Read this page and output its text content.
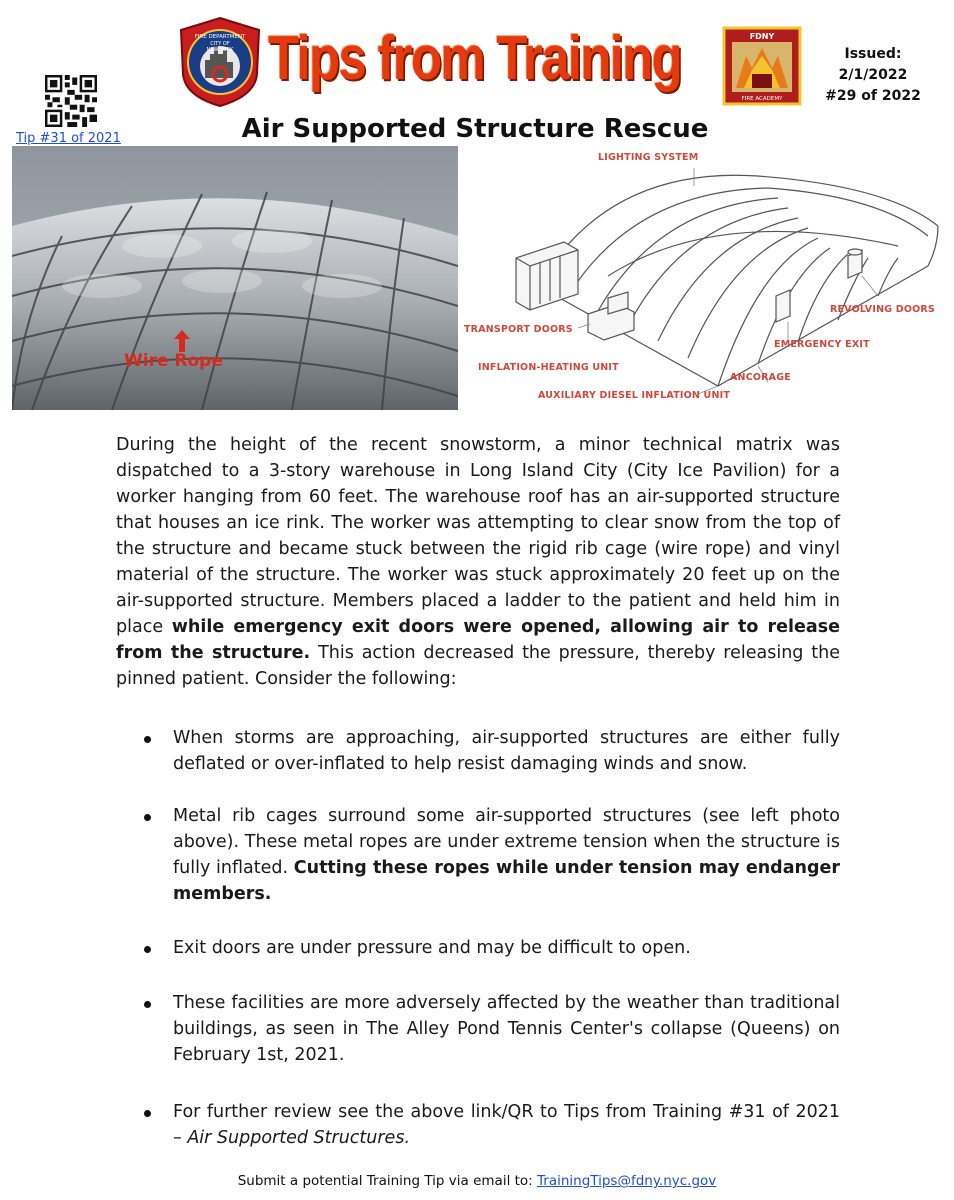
Tip #31 of 2021
FIRE DEPARTMENT
CITY OF
NEW YORK Tips from Training	FDNY
FIRE ACADEMY
Issued: 2/1/2022
#29 of 2022
Air Supported Structure Rescue
Wire Rope
LIGHTING SYSTEM
REVOLVING DOORS
TRANSPORT DOORS
EMERGENCY EXIT
INFLATION-HEATING UNIT
ANCORAGE
AUXILIARY DIESEL INFLATION UNIT
During the height of the recent snowstorm, a minor technical matrix was dispatched to a 3-story warehouse in Long Island City (City Ice Pavilion) for a worker hanging from 60 feet. The warehouse roof has an air-supported structure that houses an ice rink. The worker was attempting to clear snow from the top of the structure and became stuck between the rigid rib cage (wire rope) and vinyl material of the structure. The worker was stuck approximately 20 feet up on the air-supported structure. Members placed a ladder to the patient and held him in place while emergency exit doors were opened, allowing air to release from the structure. This action decreased the pressure, thereby releasing the pinned patient. Consider the following:
When storms are approaching, air-supported structures are either fully deflated or over-inflated to help resist damaging winds and snow.
Metal rib cages surround some air-supported structures (see left photo above). These metal ropes are under extreme tension when the structure is fully inflated. Cutting these ropes while under tension may endanger members.
Exit doors are under pressure and may be difficult to open.
These facilities are more adversely affected by the weather than traditional buildings, as seen in The Alley Pond Tennis Center's collapse (Queens) on February 1st, 2021.
For further review see the above link/QR to Tips from Training #31 of 2021 – Air Supported Structures.
Submit a potential Training Tip via email to: TrainingTips@fdny.nyc.gov
